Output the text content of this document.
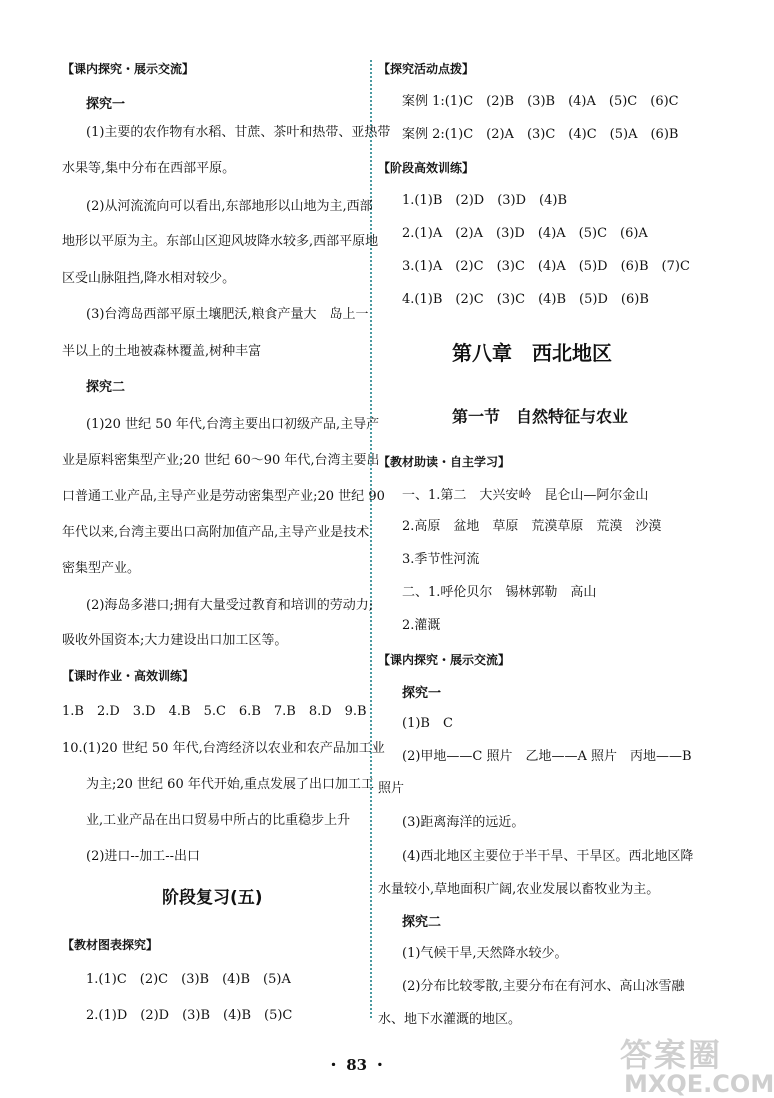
【课内探究・展示交流】
探究一
(1)主要的农作物有水稻、甘蔗、茶叶和热带、亚热带
水果等,集中分布在西部平原。
(2)从河流流向可以看出,东部地形以山地为主,西部
地形以平原为主。东部山区迎风坡降水较多,西部平原地
区受山脉阻挡,降水相对较少。
(3)台湾岛西部平原土壤肥沃,粮食产量大　岛上一
半以上的土地被森林覆盖,树种丰富
探究二
(1)20 世纪 50 年代,台湾主要出口初级产品,主导产
业是原料密集型产业;20 世纪 60～90 年代,台湾主要出
口普通工业产品,主导产业是劳动密集型产业;20 世纪 90
年代以来,台湾主要出口高附加值产品,主导产业是技术
密集型产业。
(2)海岛多港口;拥有大量受过教育和培训的劳动力;
吸收外国资本;大力建设出口加工区等。
【课时作业・高效训练】
1.B　2.D　3.D　4.B　5.C　6.B　7.B　8.D　9.B
10.(1)20 世纪 50 年代,台湾经济以农业和农产品加工业
为主;20 世纪 60 年代开始,重点发展了出口加工工
业,工业产品在出口贸易中所占的比重稳步上升
(2)进口--加工--出口
阶段复习(五)
【教材图表探究】
1.(1)C　(2)C　(3)B　(4)B　(5)A
2.(1)D　(2)D　(3)B　(4)B　(5)C
【探究活动点拨】
案例 1:(1)C　(2)B　(3)B　(4)A　(5)C　(6)C
案例 2:(1)C　(2)A　(3)C　(4)C　(5)A　(6)B
【阶段高效训练】
1.(1)B　(2)D　(3)D　(4)B
2.(1)A　(2)A　(3)D　(4)A　(5)C　(6)A
3.(1)A　(2)C　(3)C　(4)A　(5)D　(6)B　(7)C
4.(1)B　(2)C　(3)C　(4)B　(5)D　(6)B
第八章　西北地区
第一节　自然特征与农业
【教材助读・自主学习】
一、1.第二　大兴安岭　昆仑山—阿尔金山
2.高原　盆地　草原　荒漠草原　荒漠　沙漠
3.季节性河流
二、1.呼伦贝尔　锡林郭勒　高山
2.灌溉
【课内探究・展示交流】
探究一
(1)B　C
(2)甲地——C 照片　乙地——A 照片　丙地——B
照片
(3)距离海洋的远近。
(4)西北地区主要位于半干旱、干旱区。西北地区降
水量较小,草地面积广阔,农业发展以畜牧业为主。
探究二
(1)气候干旱,天然降水较少。
(2)分布比较零散,主要分布在有河水、高山冰雪融
水、地下水灌溉的地区。
・ 83 ・	答案圈
MXQE.COM
